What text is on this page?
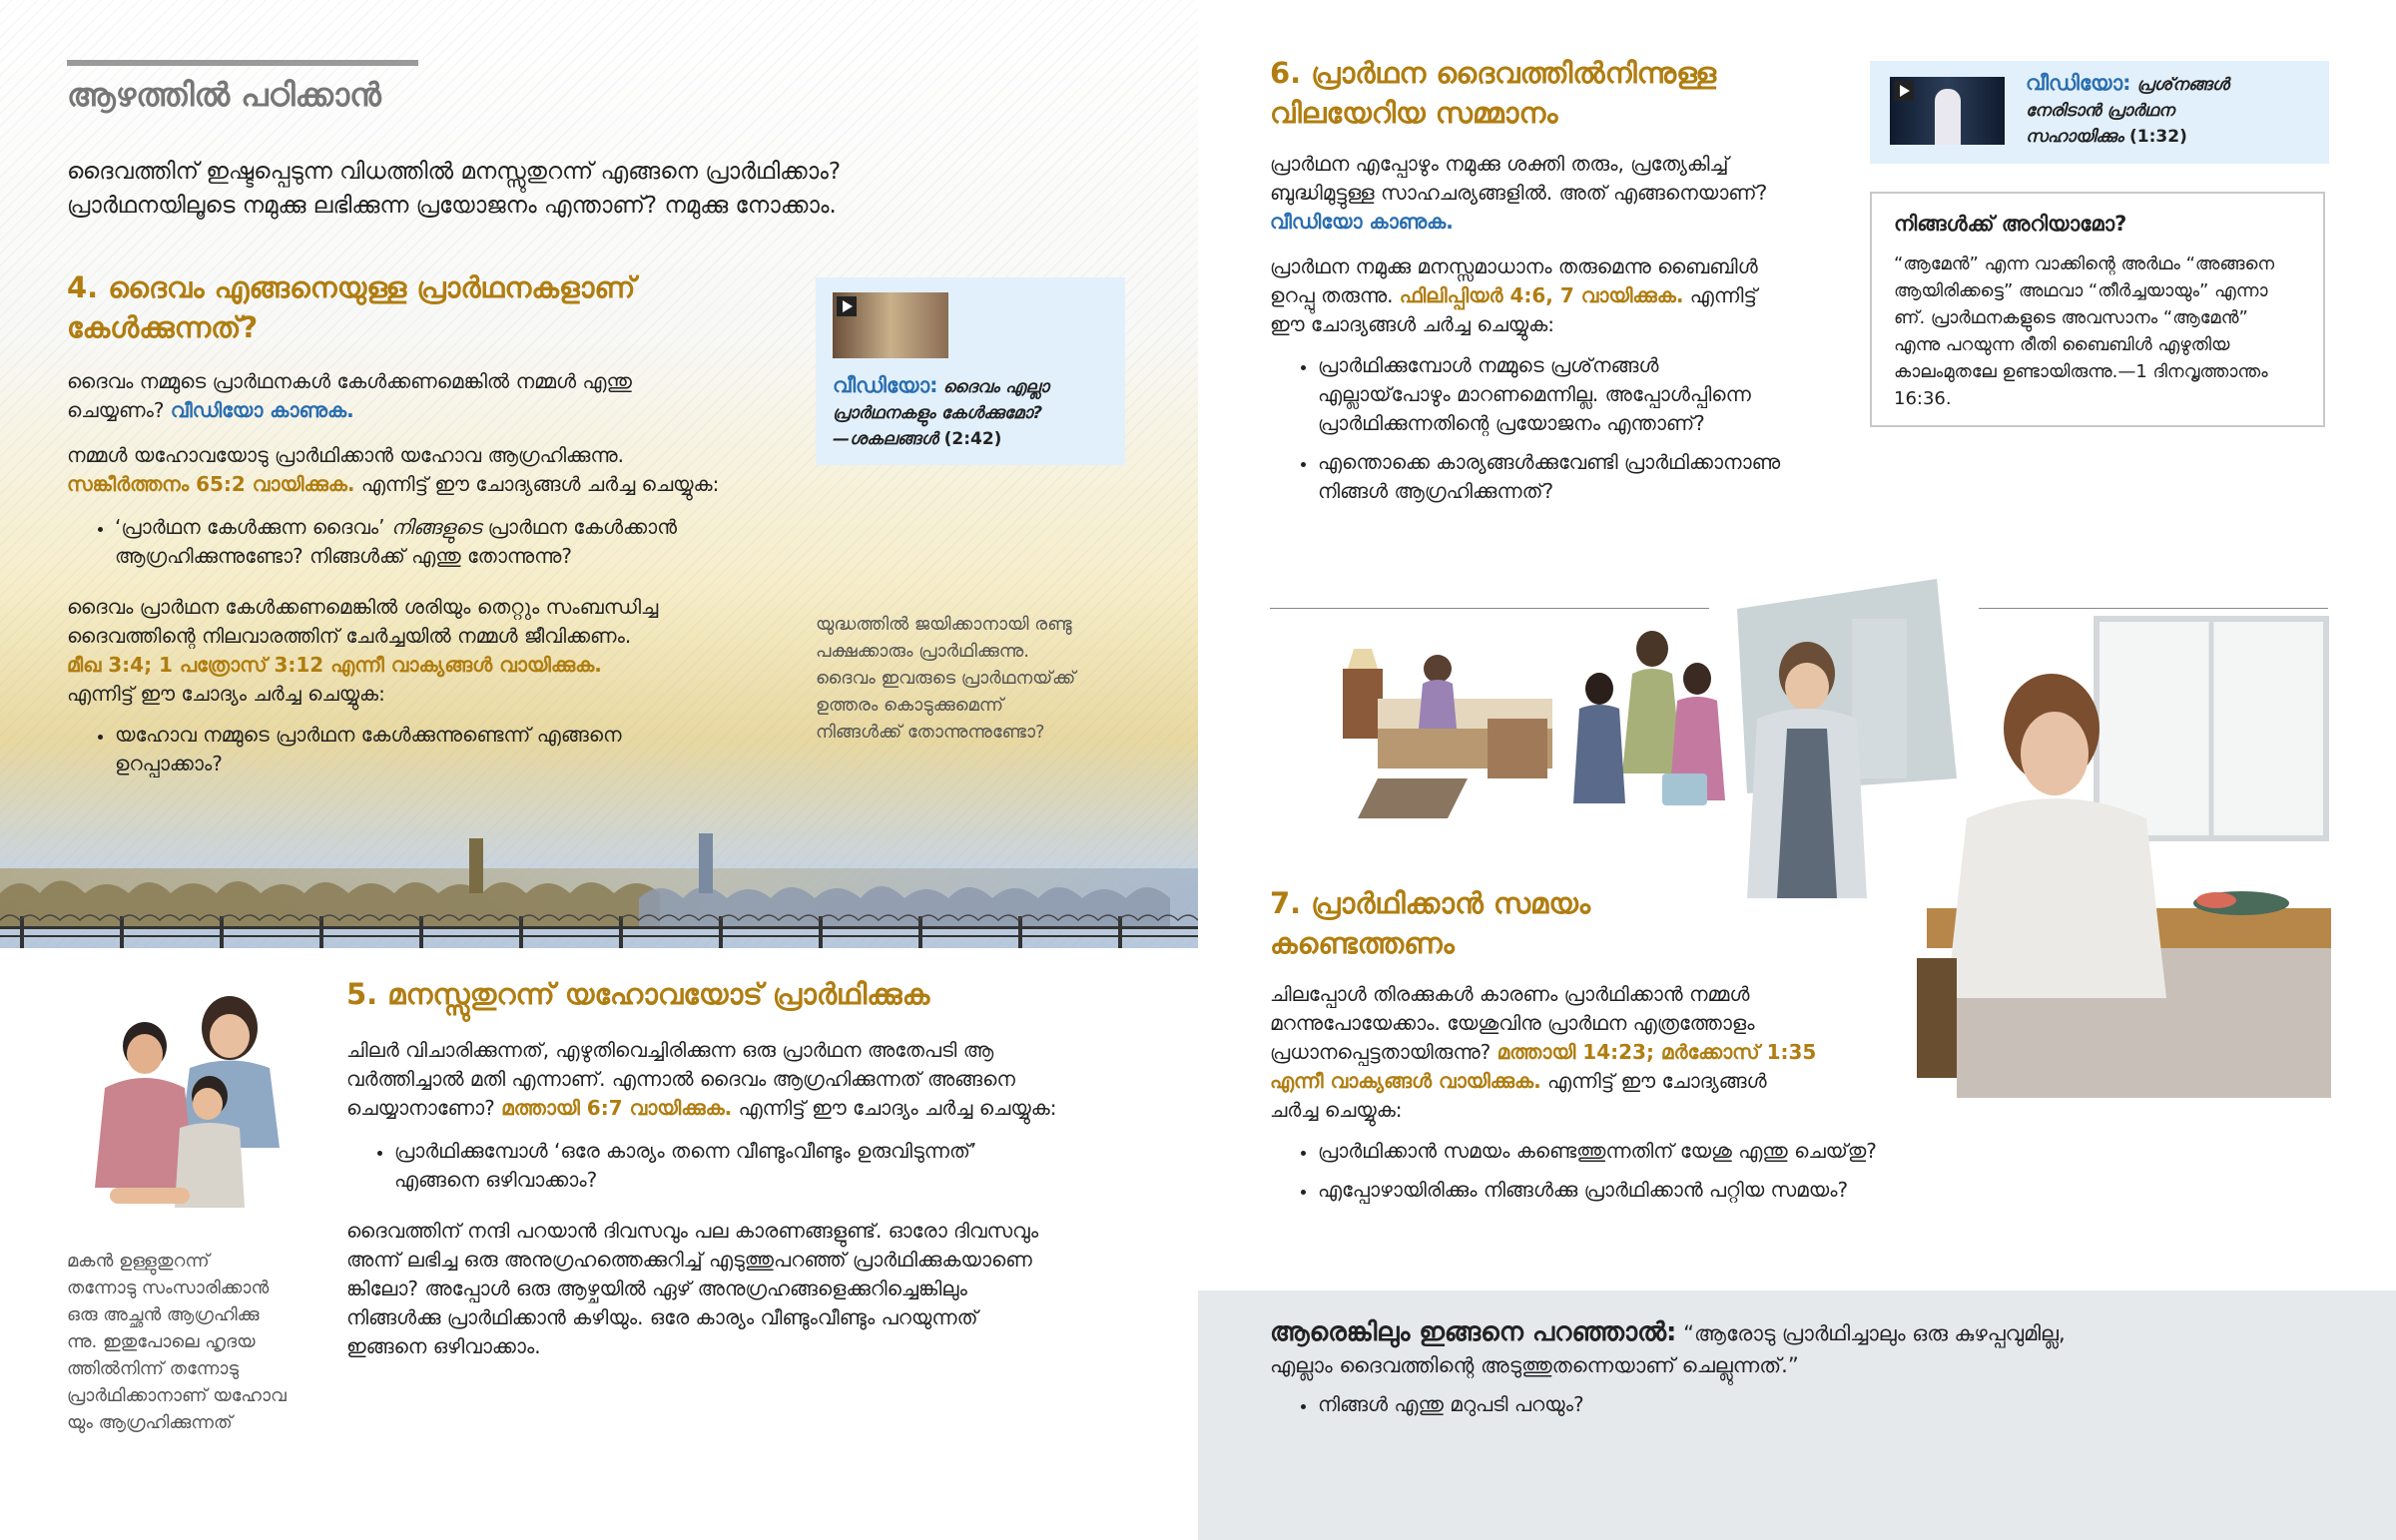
ആഴത്തിൽ പഠിക്കാൻ
ദൈവത്തിന് ഇഷ്ടപ്പെടുന്ന വിധത്തിൽ മനസ്സുതുറന്ന് എങ്ങനെ പ്രാർഥിക്കാം?
പ്രാർഥനയിലൂടെ നമുക്കു ലഭിക്കുന്ന പ്രയോജനം എന്താണ്? നമുക്കു നോക്കാം.
4. ദൈവം എങ്ങനെയുള്ള പ്രാർഥനകളാണ്
കേൾക്കുന്നത്?
ദൈവം നമ്മുടെ പ്രാർഥനകൾ കേൾക്കണമെങ്കിൽ നമ്മൾ എന്തു
ചെയ്യണം? വീഡിയോ കാണുക.
നമ്മൾ യഹോവയോടു പ്രാർഥിക്കാൻ യഹോവ ആഗ്രഹിക്കുന്നു.
സങ്കീർത്തനം 65:2 വായിക്കുക. എന്നിട്ട് ഈ ചോദ്യങ്ങൾ ചർച്ച ചെയ്യുക:
• ‘പ്രാർഥന കേൾക്കുന്ന ദൈവം’ നിങ്ങളുടെ പ്രാർഥന കേൾക്കാൻ
ആഗ്രഹിക്കുന്നുണ്ടോ? നിങ്ങൾക്ക് എന്തു തോന്നുന്നു?
ദൈവം പ്രാർഥന കേൾക്കണമെങ്കിൽ ശരിയും തെറ്റും സംബന്ധിച്ച
ദൈവത്തിന്റെ നിലവാരത്തിന് ചേർച്ചയിൽ നമ്മൾ ജീവിക്കണം.
മീഖ 3:4; 1 പത്രോസ് 3:12 എന്നീ വാക്യങ്ങൾ വായിക്കുക.
എന്നിട്ട് ഈ ചോദ്യം ചർച്ച ചെയ്യുക:
• യഹോവ നമ്മുടെ പ്രാർഥന കേൾക്കുന്നുണ്ടെന്ന് എങ്ങനെ
ഉറപ്പാക്കാം?
വീഡിയോ: ദൈവം എല്ലാ
പ്രാർഥനകളും കേൾക്കുമോ?
—ശകലങ്ങൾ (2:42)
യുദ്ധത്തിൽ ജയിക്കാനായി രണ്ടു
പക്ഷക്കാരും പ്രാർഥിക്കുന്നു.
ദൈവം ഇവരുടെ പ്രാർഥനയ്‌ക്ക്
ഉത്തരം കൊടുക്കുമെന്ന്
നിങ്ങൾക്ക് തോന്നുന്നുണ്ടോ?
മകൻ ഉള്ളുതുറന്ന്
തന്നോടു സംസാരിക്കാൻ
ഒരു അച്ഛൻ ആഗ്രഹിക്കു
ന്നു. ഇതുപോലെ ഹൃദയ
ത്തിൽനിന്ന് തന്നോടു
പ്രാർഥിക്കാനാണ് യഹോവ
യും ആഗ്രഹിക്കുന്നത്
5. മനസ്സുതുറന്ന് യഹോവയോട് പ്രാർഥിക്കുക
ചിലർ വിചാരിക്കുന്നത്, എഴുതിവെച്ചിരിക്കുന്ന ഒരു പ്രാർഥന അതേപടി ആ
വർത്തിച്ചാൽ മതി എന്നാണ്. എന്നാൽ ദൈവം ആഗ്രഹിക്കുന്നത് അങ്ങനെ
ചെയ്യാനാണോ? മത്തായി 6:7 വായിക്കുക. എന്നിട്ട് ഈ ചോദ്യം ചർച്ച ചെയ്യുക:
• പ്രാർഥിക്കുമ്പോൾ ‘ഒരേ കാര്യം തന്നെ വീണ്ടുംവീണ്ടും ഉരുവിടുന്നത്’
എങ്ങനെ ഒഴിവാക്കാം?
ദൈവത്തിന് നന്ദി പറയാൻ ദിവസവും പല കാരണങ്ങളുണ്ട്. ഓരോ ദിവസവും
അന്ന് ലഭിച്ച ഒരു അനുഗ്രഹത്തെക്കുറിച്ച് എടുത്തുപറഞ്ഞ് പ്രാർഥിക്കുകയാണെ
ങ്കിലോ? അപ്പോൾ ഒരു ആഴ്ചയിൽ ഏഴ് അനുഗ്രഹങ്ങളെക്കുറിച്ചെങ്കിലും
നിങ്ങൾക്കു പ്രാർഥിക്കാൻ കഴിയും. ഒരേ കാര്യം വീണ്ടുംവീണ്ടും പറയുന്നത്
ഇങ്ങനെ ഒഴിവാക്കാം.
6. പ്രാർഥന ദൈവത്തിൽനിന്നുള്ള
വിലയേറിയ സമ്മാനം
പ്രാർഥന എപ്പോഴും നമുക്കു ശക്തി തരും, പ്രത്യേകിച്ച്
ബുദ്ധിമുട്ടുള്ള സാഹചര്യങ്ങളിൽ. അത് എങ്ങനെയാണ്?
വീഡിയോ കാണുക.
പ്രാർഥന നമുക്കു മനസ്സമാധാനം തരുമെന്നു ബൈബിൾ
ഉറപ്പു തരുന്നു. ഫിലിപ്പിയർ 4:6, 7 വായിക്കുക. എന്നിട്ട്
ഈ ചോദ്യങ്ങൾ ചർച്ച ചെയ്യുക:
• പ്രാർഥിക്കുമ്പോൾ നമ്മുടെ പ്രശ്‌നങ്ങൾ
എല്ലായ്‌പോഴും മാറണമെന്നില്ല. അപ്പോൾപ്പിന്നെ
പ്രാർഥിക്കുന്നതിന്റെ പ്രയോജനം എന്താണ്?
• എന്തൊക്കെ കാര്യങ്ങൾക്കുവേണ്ടി പ്രാർഥിക്കാനാണു
നിങ്ങൾ ആഗ്രഹിക്കുന്നത്?
വീഡിയോ: പ്രശ്‌നങ്ങൾ
നേരിടാൻ പ്രാർഥന
സഹായിക്കും (1:32)
നിങ്ങൾക്ക് അറിയാമോ?
“ആമേൻ” എന്ന വാക്കിന്റെ അർഥം “അങ്ങനെ
ആയിരിക്കട്ടെ” അഥവാ “തീർച്ചയായും” എന്നാ
ണ്. പ്രാർഥനകളുടെ അവസാനം “ആമേൻ”
എന്നു പറയുന്ന രീതി ബൈബിൾ എഴുതിയ
കാലംമുതലേ ഉണ്ടായിരുന്നു.—1 ദിനവൃത്താന്തം
16:36.
7. പ്രാർഥിക്കാൻ സമയം
കണ്ടെത്തണം
ചിലപ്പോൾ തിരക്കുകൾ കാരണം പ്രാർഥിക്കാൻ നമ്മൾ
മറന്നുപോയേക്കാം. യേശുവിനു പ്രാർഥന എത്രത്തോളം
പ്രധാനപ്പെട്ടതായിരുന്നു? മത്തായി 14:23; മർക്കോസ് 1:35
എന്നീ വാക്യങ്ങൾ വായിക്കുക. എന്നിട്ട് ഈ ചോദ്യങ്ങൾ
ചർച്ച ചെയ്യുക:
• പ്രാർഥിക്കാൻ സമയം കണ്ടെത്തുന്നതിന് യേശു എന്തു ചെയ്‌തു?
• എപ്പോഴായിരിക്കും നിങ്ങൾക്കു പ്രാർഥിക്കാൻ പറ്റിയ സമയം?
ആരെങ്കിലും ഇങ്ങനെ പറഞ്ഞാൽ: “ആരോടു പ്രാർഥിച്ചാലും ഒരു കുഴപ്പവുമില്ല,
എല്ലാം ദൈവത്തിന്റെ അടുത്തുതന്നെയാണ് ചെല്ലുന്നത്.”
• നിങ്ങൾ എന്തു മറുപടി പറയും?
